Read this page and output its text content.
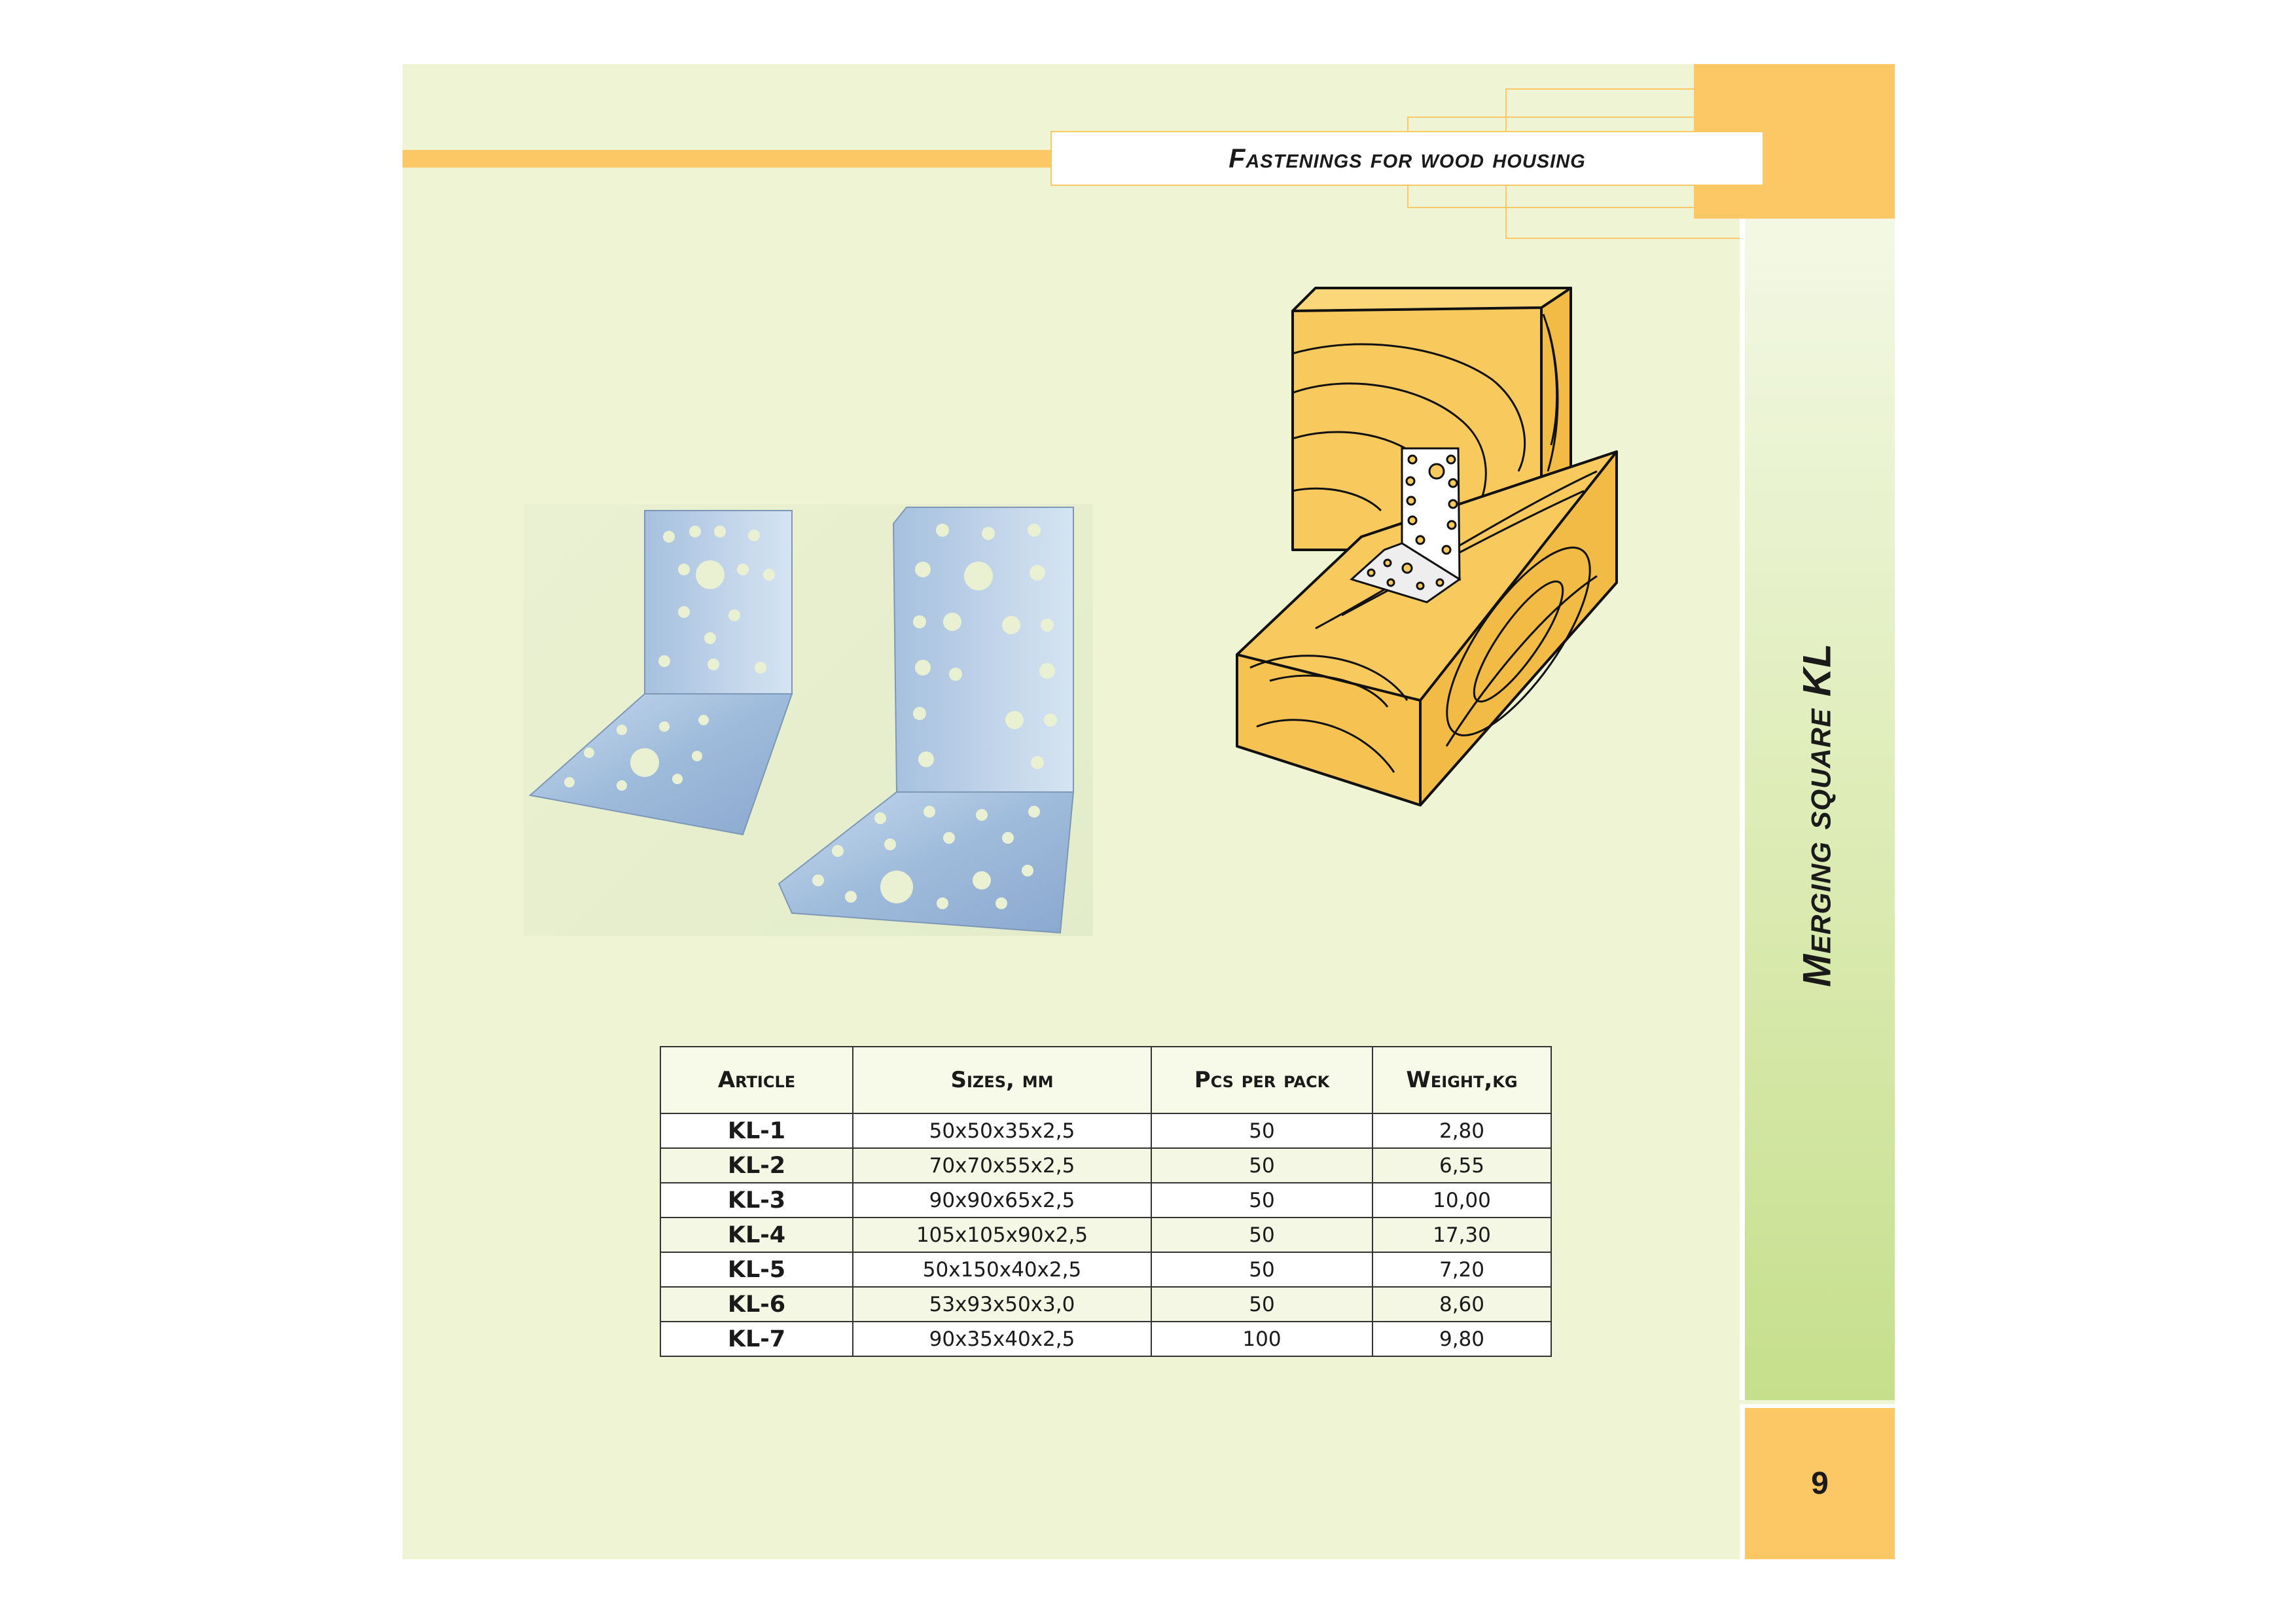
Fastenings for wood housing
Merging square KL
9
Article	Sizes, mm	Pcs per pack	Weight,kg
KL-1	50x50x35x2,5	50	2,80
KL-2	70x70x55x2,5	50	6,55
KL-3	90x90x65x2,5	50	10,00
KL-4	105x105x90x2,5	50	17,30
KL-5	50x150x40x2,5	50	7,20
KL-6	53x93x50x3,0	50	8,60
KL-7	90x35x40x2,5	100	9,80
